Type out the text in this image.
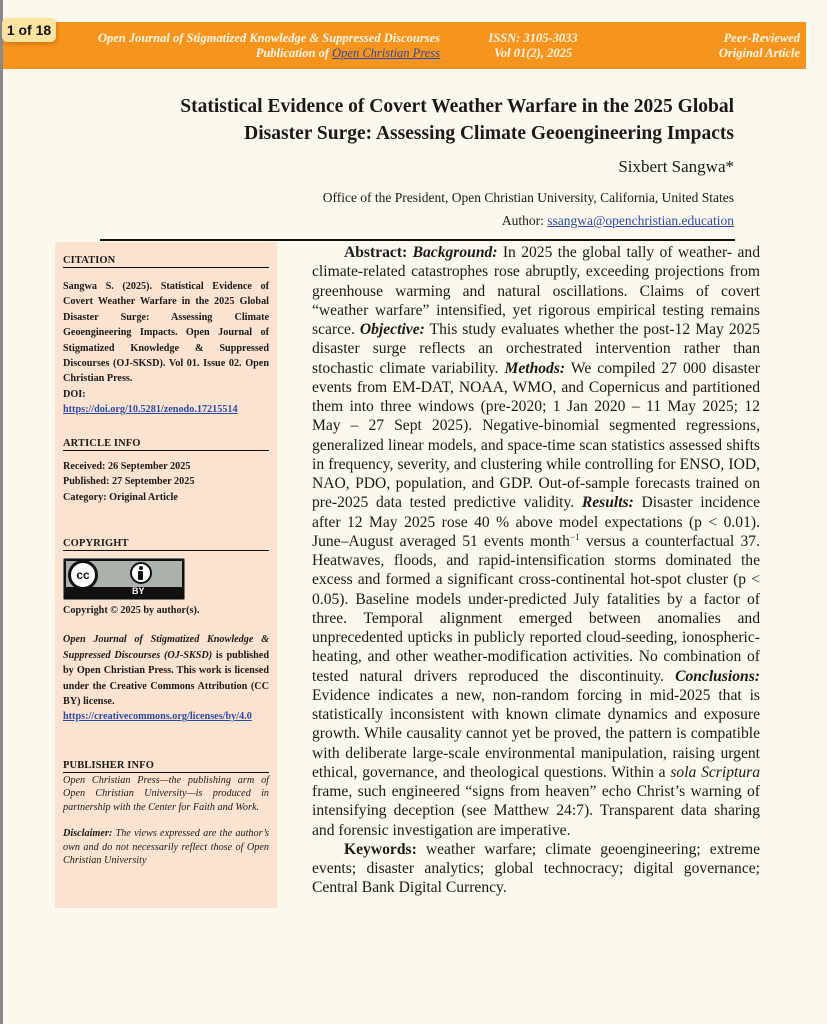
1 of 18	Open Journal of Stigmatized Knowledge & Suppressed Discourses
Publication of Open Christian Press
ISSN: 3105-3033
Vol 01(2), 2025
Peer-Reviewed
Original Article
Statistical Evidence of Covert Weather Warfare in the 2025 Global
Disaster Surge: Assessing Climate Geoengineering Impacts
Sixbert Sangwa*
Office of the President, Open Christian University, California, United States
Author: ssangwa@openchristian.education
CITATION

Sangwa S. (2025). Statistical Evidence of Covert Weather Warfare in the 2025 Global Disaster Surge: Assessing Climate Geoengineering Impacts. Open Journal of Stigmatized Knowledge & Suppressed Discourses (OJ-SKSD). Vol 01. Issue 02. Open Christian Press.

DOI:

https://doi.org/10.5281/zenodo.17215514

ARTICLE INFO

Received: 26 September 2025

Published: 27 September 2025

Category: Original Article

COPYRIGHT
cc
BY

Copyright © 2025 by author(s).

Open Journal of Stigmatized Knowledge & Suppressed Discourses (OJ-SKSD) is published by Open Christian Press. This work is licensed under the Creative Commons Attribution (CC BY) license.

https://creativecommons.org/licenses/by/4.0

PUBLISHER INFO

Open Christian Press—the publishing arm of Open Christian University—is produced in partnership with the Center for Faith and Work.

Disclaimer: The views expressed are the author’s own and do not necessarily reflect those of Open Christian University

Abstract: Background: In 2025 the global tally of weather- and climate-related catastrophes rose abruptly, exceeding projections from greenhouse warming and natural oscillations. Claims of covert “weather warfare” intensified, yet rigorous empirical testing remains scarce. Objective: This study evaluates whether the post-12 May 2025 disaster surge reflects an orchestrated intervention rather than stochastic climate variability. Methods: We compiled 27 000 disaster events from EM-DAT, NOAA, WMO, and Copernicus and partitioned them into three windows (pre-2020; 1 Jan 2020 – 11 May 2025; 12 May – 27 Sept 2025). Negative-binomial segmented regressions, generalized linear models, and space-time scan statistics assessed shifts in frequency, severity, and clustering while controlling for ENSO, IOD, NAO, PDO, population, and GDP. Out-of-sample forecasts trained on pre-2025 data tested predictive validity. Results: Disaster incidence after 12 May 2025 rose 40 % above model expectations (p < 0.01). June–August averaged 51 events month$^{-1}$ versus a counterfactual 37. Heatwaves, floods, and rapid-intensification storms dominated the excess and formed a significant cross-continental hot-spot cluster (p < 0.05). Baseline models under-predicted July fatalities by a factor of three. Temporal alignment emerged between anomalies and unprecedented upticks in publicly reported cloud-seeding, ionospheric-heating, and other weather-modification activities. No combination of tested natural drivers reproduced the discontinuity. Conclusions: Evidence indicates a new, non-random forcing in mid-2025 that is statistically inconsistent with known climate dynamics and exposure growth. While causality cannot yet be proved, the pattern is compatible with deliberate large-scale environmental manipulation, raising urgent ethical, governance, and theological questions. Within a sola Scriptura frame, such engineered “signs from heaven” echo Christ’s warning of intensifying deception (see Matthew 24:7). Transparent data sharing and forensic investigation are imperative.

Keywords: weather warfare; climate geoengineering; extreme events; disaster analytics; global technocracy; digital governance; Central Bank Digital Currency.
